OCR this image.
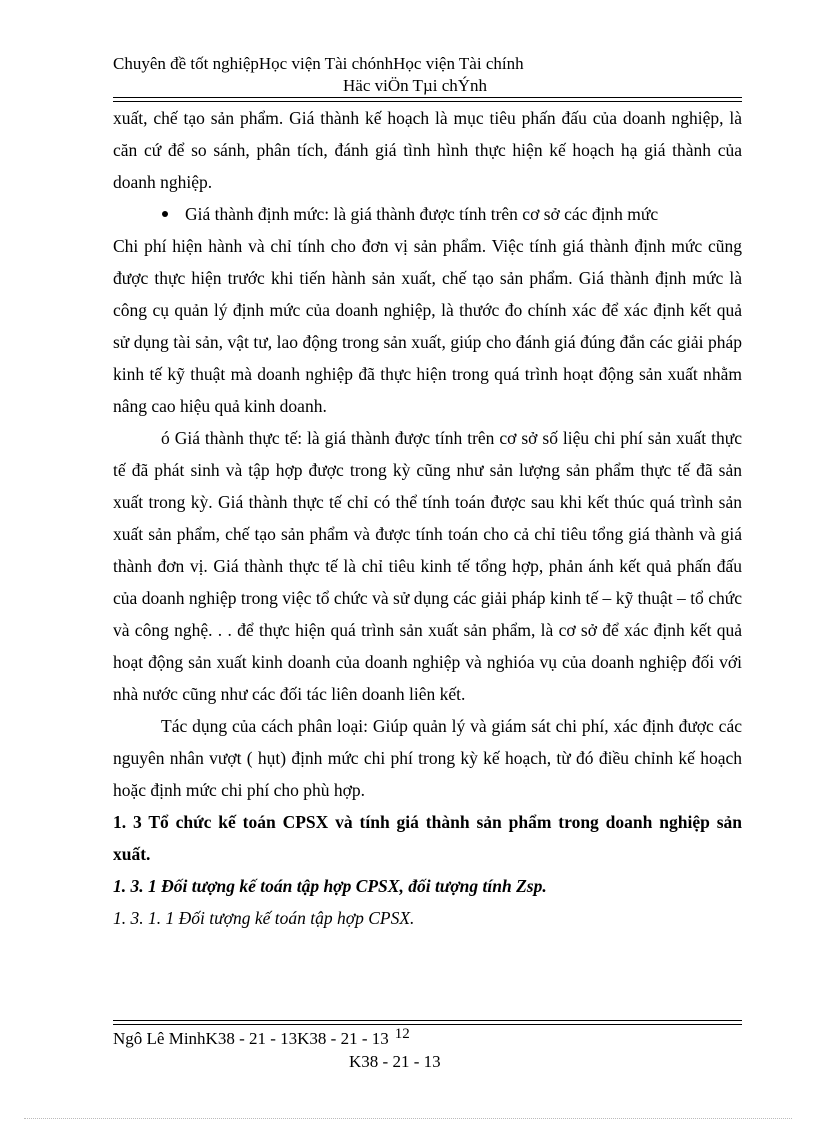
Chuyên đề tốt nghiệpHọc viện Tài chónhHọc viện Tài chính
Häc viÖn Tµi chÝnh

xuất, chế tạo sản phẩm. Giá thành kế hoạch là mục tiêu phấn đấu của doanh nghiệp, là căn cứ để so sánh, phân tích, đánh giá tình hình thực hiện kế hoạch hạ giá thành của doanh nghiệp.

Giá thành định mức: là giá thành được tính trên cơ sở các định mức

Chi phí hiện hành và chỉ tính cho đơn vị sản phẩm. Việc tính giá thành định mức cũng được thực hiện trước khi tiến hành sản xuất, chế tạo sản phẩm. Giá thành định mức là công cụ quản lý định mức của doanh nghiệp, là thước đo chính xác để xác định kết quả sử dụng tài sản, vật tư, lao động trong sản xuất, giúp cho đánh giá đúng đắn các giải pháp kinh tế kỹ thuật mà doanh nghiệp đã thực hiện trong quá trình hoạt động sản xuất nhằm nâng cao hiệu quả kinh doanh.

ó Giá thành thực tế: là giá thành được tính trên cơ sở số liệu chi phí sản xuất thực tế đã phát sinh và tập hợp được trong kỳ cũng như sản lượng sản phẩm thực tế đã sản xuất trong kỳ. Giá thành thực tế chỉ có thể tính toán được sau khi kết thúc quá trình sản xuất sản phẩm, chế tạo sản phẩm và được tính toán cho cả chỉ tiêu tổng giá thành và giá thành đơn vị. Giá thành thực tế là chỉ tiêu kinh tế tổng hợp, phản ánh kết quả phấn đấu của doanh nghiệp trong việc tổ chức và sử dụng các giải pháp kinh tế – kỹ thuật – tổ chức và công nghệ. . . để thực hiện quá trình sản xuất sản phẩm, là cơ sở để xác định kết quả hoạt động sản xuất kinh doanh của doanh nghiệp và nghióa vụ của doanh nghiệp đối với nhà nước cũng như các đối tác liên doanh liên kết.

Tác dụng của cách phân loại: Giúp quản lý và giám sát chi phí, xác định được các nguyên nhân vượt ( hụt) định mức chi phí trong kỳ kế hoạch, từ đó điều chỉnh kế hoạch hoặc định mức chi phí cho phù hợp.

1. 3 Tổ chức kế toán CPSX và tính giá thành sản phẩm trong doanh nghiệp sản xuất.

1. 3. 1 Đối tượng kế toán tập hợp CPSX, đối tượng tính Zsp.

1. 3. 1. 1 Đối tượng kế toán tập hợp CPSX.

Ngô Lê MinhK38 - 21 - 13K38 - 21 - 13 12
K38 - 21 - 13
